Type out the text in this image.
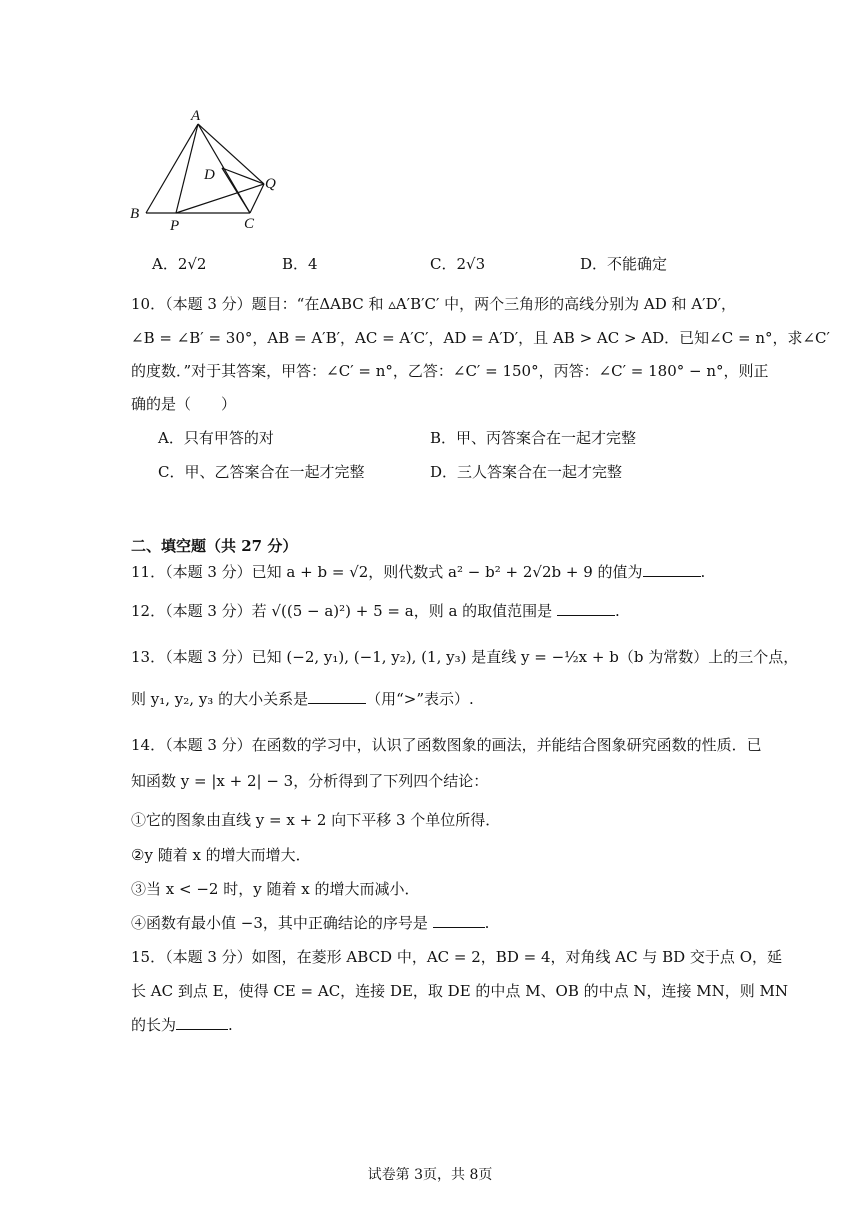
A
B
P	C
D
Q
A．2√2	B．4	C．2√3	D．不能确定
10．（本题 3 分）题目：“在ΔABC 和 ▵A′B′C′ 中，两个三角形的高线分别为 AD 和 A′D′，
∠B = ∠B′ = 30°，AB = A′B′，AC = A′C′，AD = A′D′，且 AB > AC > AD．已知∠C = n°，求∠C′
的度数．”对于其答案，甲答：∠C′ = n°，乙答：∠C′ = 150°，丙答：∠C′ = 180° − n°，则正
确的是（　　）
A．只有甲答的对	B．甲、丙答案合在一起才完整
C．甲、乙答案合在一起才完整	D．三人答案合在一起才完整
二、填空题（共 27 分）
11．（本题 3 分）已知 a + b = √2，则代数式 a² − b² + 2√2b + 9 的值为	.
12．（本题 3 分）若 √((5 − a)²) + 5 = a，则 a 的取值范围是	.
13．（本题 3 分）已知 (−2, y₁), (−1, y₂), (1, y₃) 是直线 y = −½x + b（b 为常数）上的三个点，
则 y₁, y₂, y₃ 的大小关系是	（用“>”表示）.
14．（本题 3 分）在函数的学习中，认识了函数图象的画法，并能结合图象研究函数的性质．已
知函数 y = |x + 2| − 3，分析得到了下列四个结论：
①它的图象由直线 y = x + 2 向下平移 3 个单位所得．
②y 随着 x 的增大而增大．
③当 x < −2 时，y 随着 x 的增大而减小．
④函数有最小值 −3，其中正确结论的序号是	.
15．（本题 3 分）如图，在菱形 ABCD 中，AC = 2，BD = 4，对角线 AC 与 BD 交于点 O，延
长 AC 到点 E，使得 CE = AC，连接 DE，取 DE 的中点 M、OB 的中点 N，连接 MN，则 MN
的长为	.
试卷第 3页，共 8页
